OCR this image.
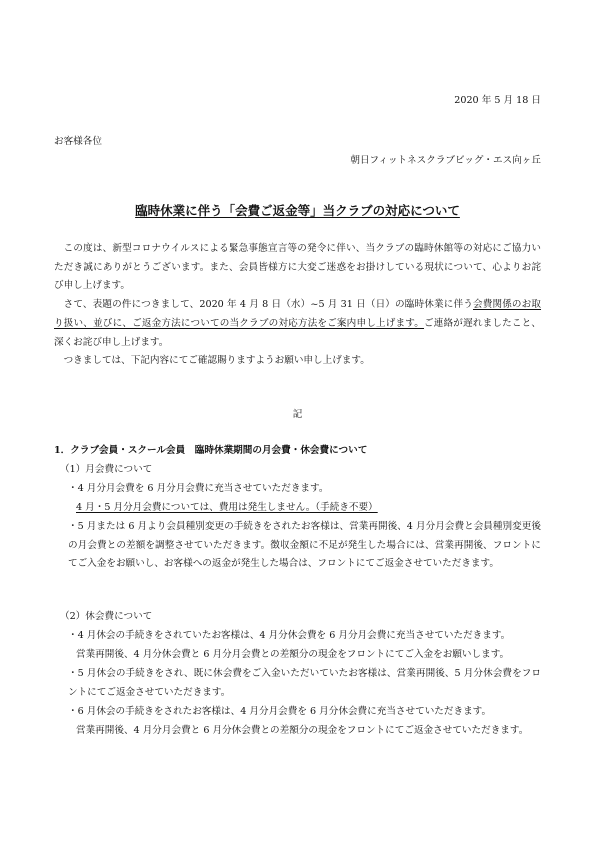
2020 年 5 月 18 日
お客様各位
朝日フィットネスクラブビッグ・エス向ヶ丘
臨時休業に伴う「会費ご返金等」当クラブの対応について

この度は、新型コロナウイルスによる緊急事態宣言等の発令に伴い、当クラブの臨時休館等の対応にご協力いただき誠にありがとうございます。また、会員皆様方に大変ご迷惑をお掛けしている現状について、心よりお詫び申し上げます。

さて、表題の件につきまして、2020 年 4 月 8 日（水）~5 月 31 日（日）の臨時休業に伴う会費関係のお取り扱い、並びに、ご返金方法についての当クラブの対応方法をご案内申し上げます。ご連絡が遅れましたこと、深くお詫び申し上げます。

つきましては、下記内容にてご確認賜りますようお願い申し上げます。

記
1．クラブ会員・スクール会員　臨時休業期間の月会費・休会費について
（1）月会費について
・4 月分月会費を 6 月分月会費に充当させていただきます。
4 月・5 月分月会費については、費用は発生しません。（手続き不要）
・5 月または 6 月より会員種別変更の手続きをされたお客様は、営業再開後、4 月分月会費と会員種別変更後の月会費との差額を調整させていただきます。徴収金額に不足が発生した場合には、営業再開後、フロントにてご入金をお願いし、お客様への返金が発生した場合は、フロントにてご返金させていただきます。
（2）休会費について
・4 月休会の手続きをされていたお客様は、4 月分休会費を 6 月分月会費に充当させていただきます。
営業再開後、4 月分休会費と 6 月分月会費との差額分の現金をフロントにてご入金をお願いします。
・5 月休会の手続きをされ、既に休会費をご入金いただいていたお客様は、営業再開後、5 月分休会費をフロントにてご返金させていただきます。
・6 月休会の手続きをされたお客様は、4 月分月会費を 6 月分休会費に充当させていただきます。
営業再開後、4 月分月会費と 6 月分休会費との差額分の現金をフロントにてご返金させていただきます。
